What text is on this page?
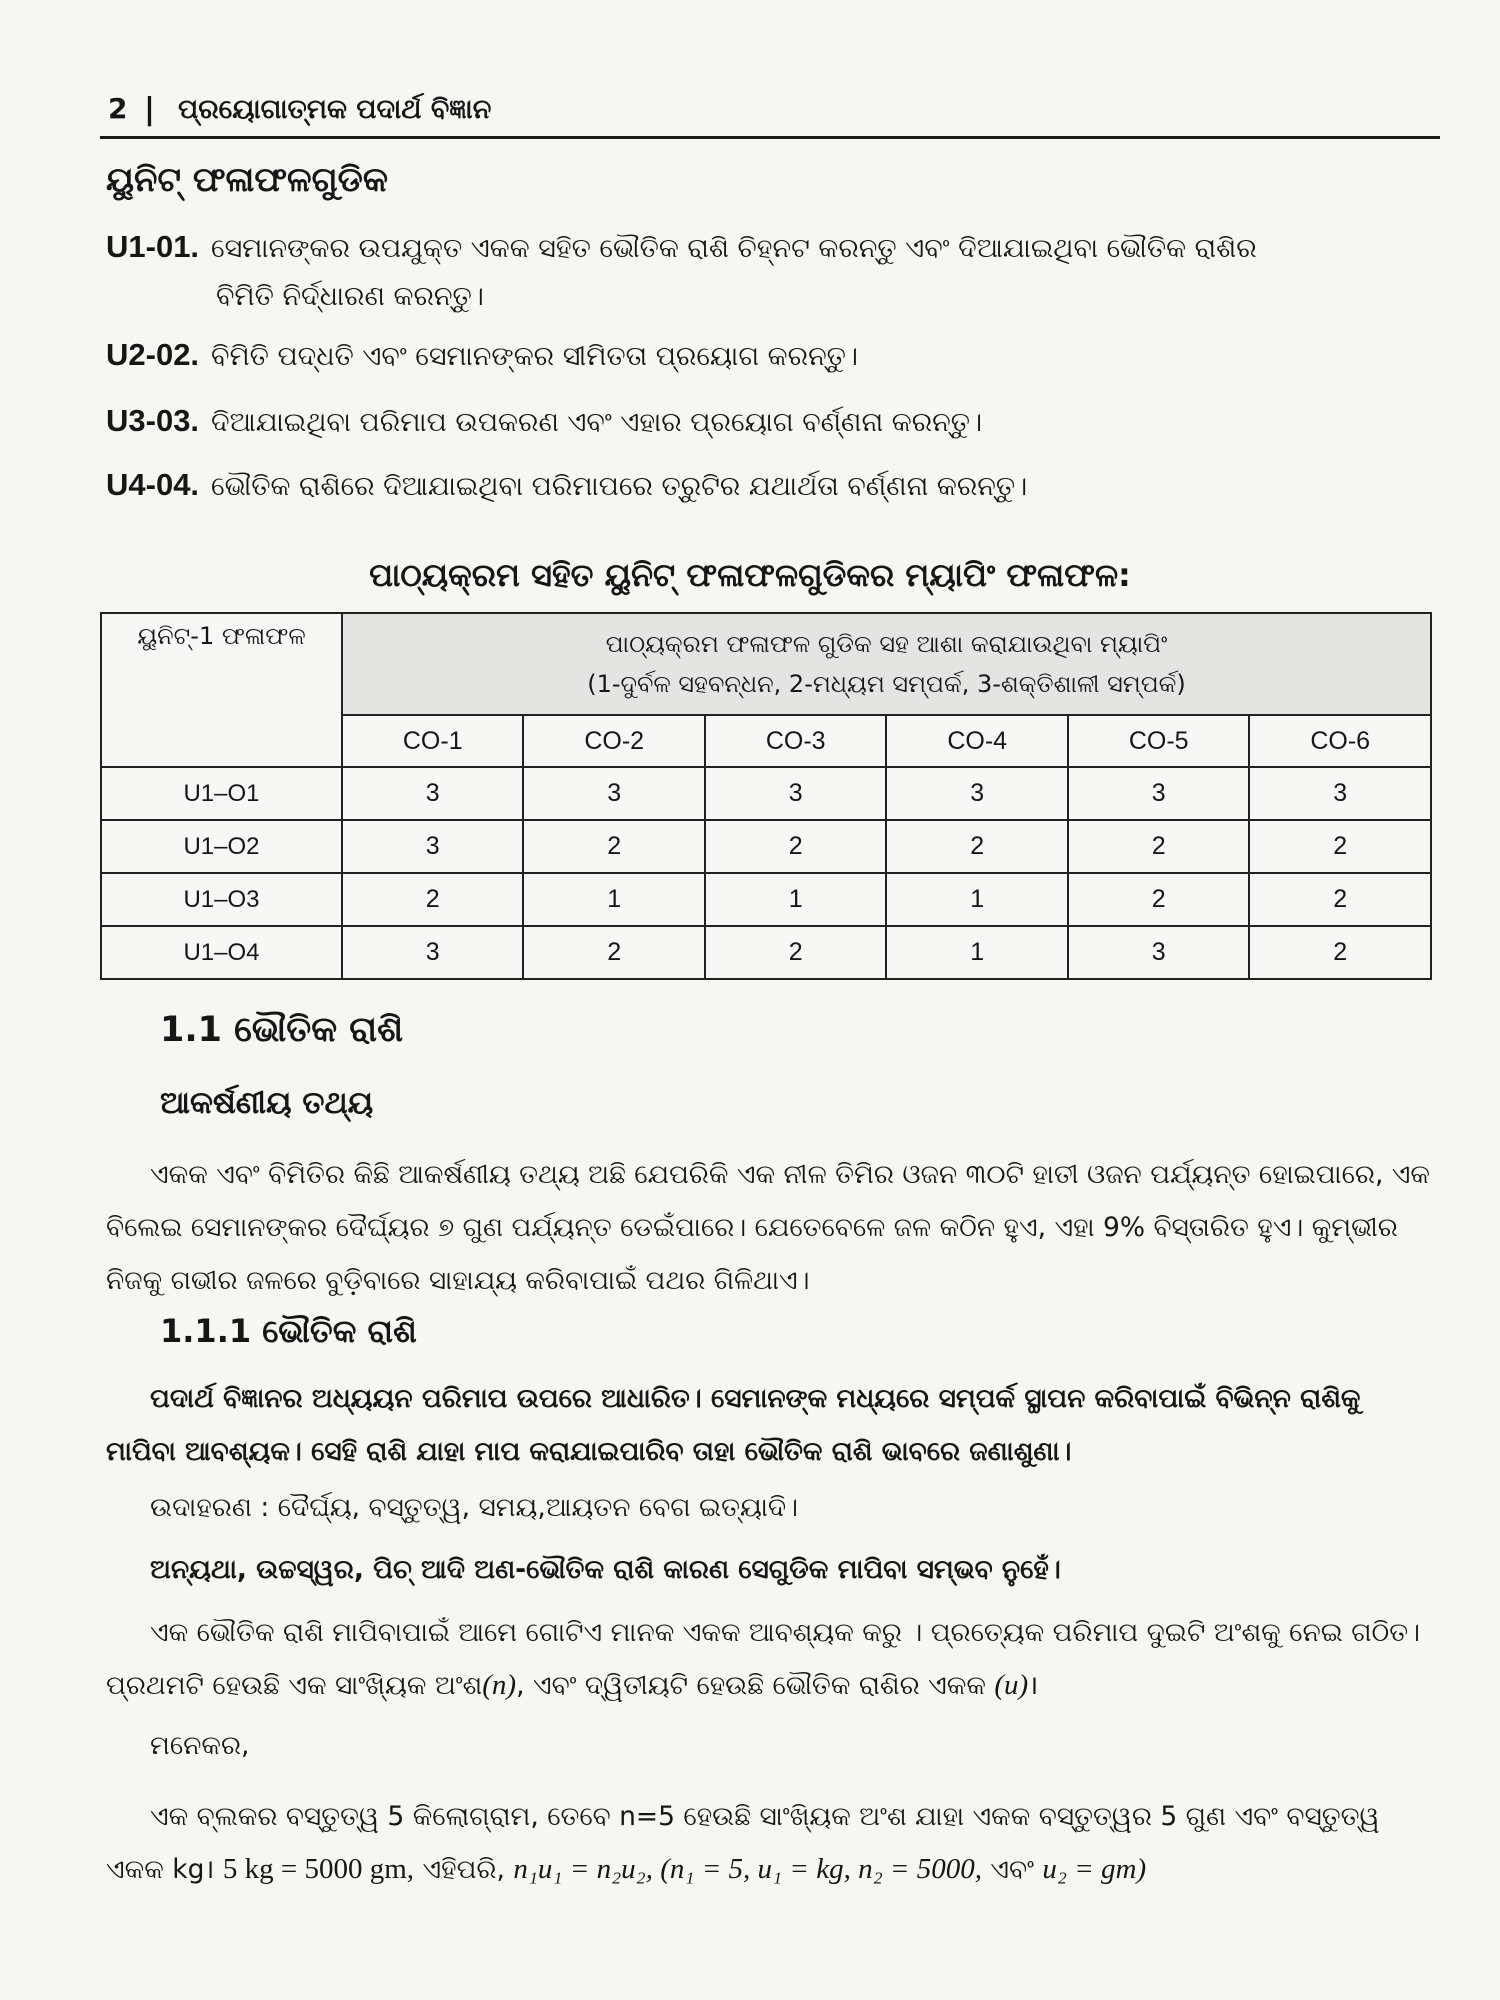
2 | ପ୍ରୟୋଗାତ୍ମକ ପଦାର୍ଥ ବିଜ୍ଞାନ
ୟୁନିଟ୍ ଫଳାଫଳଗୁଡିକ
U1-01. ସେମାନଙ୍କର ଉପଯୁକ୍ତ ଏକକ ସହିତ ଭୌତିକ ରାଶି ଚିହ୍ନଟ କରନ୍ତୁ ଏବଂ ଦିଆଯାଇଥିବା ଭୌତିକ ରାଶିର
ବିମିତି ନିର୍ଦ୍ଧାରଣ କରନ୍ତୁ।
U2-02. ବିମିତି ପଦ୍ଧତି ଏବଂ ସେମାନଙ୍କର ସୀମିତତା ପ୍ରୟୋଗ କରନ୍ତୁ।
U3-03. ଦିଆଯାଇଥିବା ପରିମାପ ଉପକରଣ ଏବଂ ଏହାର ପ୍ରୟୋଗ ବର୍ଣ୍ଣନା କରନ୍ତୁ।
U4-04. ଭୌତିକ ରାଶିରେ ଦିଆଯାଇଥିବା ପରିମାପରେ ତ୍ରୁଟିର ଯଥାର୍ଥତା ବର୍ଣ୍ଣନା କରନ୍ତୁ।
ପାଠ୍ୟକ୍ରମ ସହିତ ୟୁନିଟ୍ ଫଳାଫଳଗୁଡିକର ମ୍ୟାପିଂ ଫଳାଫଳ:
ୟୁନିଟ୍-1 ଫଳାଫଳ	ପାଠ୍ୟକ୍ରମ ଫଳାଫଳ ଗୁଡିକ ସହ ଆଶା କରାଯାଉଥିବା ମ୍ୟାପିଂ
(1-ଦୁର୍ବଳ ସହବନ୍ଧନ, 2-ମଧ୍ୟମ ସମ୍ପର୍କ, 3-ଶକ୍ତିଶାଳୀ ସମ୍ପର୍କ)					

	CO-1	CO-2	CO-3	CO-4	CO-5	CO-6
U1–O1	3	3	3	3	3	3
U1–O2	3	2	2	2	2	2
U1–O3	2	1	1	1	2	2
U1–O4	3	2	2	1	3	2
1.1 ଭୌତିକ ରାଶି
ଆକର୍ଷଣୀୟ ତଥ୍ୟ
ଏକକ ଏବଂ ବିମିତିର କିଛି ଆକର୍ଷଣୀୟ ତଥ୍ୟ ଅଛି ଯେପରିକି ଏକ ନୀଳ ତିମିର ଓଜନ ୩୦ଟି ହାତୀ ଓଜନ ପର୍ଯ୍ୟନ୍ତ ହୋଇପାରେ, ଏକ ବିଲେଇ ସେମାନଙ୍କର ଦୈର୍ଘ୍ୟର ୭ ଗୁଣ ପର୍ଯ୍ୟନ୍ତ ଡେଇଁପାରେ। ଯେତେବେଳେ ଜଳ କଠିନ ହୁଏ, ଏହା 9% ବିସ୍ତାରିତ ହୁଏ। କୁମ୍ଭୀର ନିଜକୁ ଗଭୀର ଜଳରେ ବୁଡ଼ିବାରେ ସାହାଯ୍ୟ କରିବାପାଇଁ ପଥର ଗିଳିଥାଏ।
1.1.1 ଭୌତିକ ରାଶି
ପଦାର୍ଥ ବିଜ୍ଞାନର ଅଧ୍ୟୟନ ପରିମାପ ଉପରେ ଆଧାରିତ। ସେମାନଙ୍କ ମଧ୍ୟରେ ସମ୍ପର୍କ ସ୍ଥାପନ କରିବାପାଇଁ ବିଭିନ୍ନ ରାଶିକୁ ମାପିବା ଆବଶ୍ୟକ। ସେହି ରାଶି ଯାହା ମାପ କରାଯାଇପାରିବ ତାହା ଭୌତିକ ରାଶି ଭାବରେ ଜଣାଶୁଣା।
ଉଦାହରଣ : ଦୈର୍ଘ୍ୟ, ବସ୍ତୁତ୍ୱ, ସମୟ,ଆୟତନ ବେଗ ଇତ୍ୟାଦି।
ଅନ୍ୟଥା, ଉଚ୍ଚସ୍ୱର, ପିଚ୍ ଆଦି ଅଣ-ଭୌତିକ ରାଶି କାରଣ ସେଗୁଡିକ ମାପିବା ସମ୍ଭବ ନୁହେଁ।
ଏକ ଭୌତିକ ରାଶି ମାପିବାପାଇଁ ଆମେ ଗୋଟିଏ ମାନକ ଏକକ ଆବଶ୍ୟକ କରୁ । ପ୍ରତ୍ୟେକ ପରିମାପ ଦୁଇଟି ଅଂଶକୁ ନେଇ ଗଠିତ। ପ୍ରଥମଟି ହେଉଛି ଏକ ସାଂଖ୍ୟିକ ଅଂଶ(n), ଏବଂ ଦ୍ୱିତୀୟଟି ହେଉଛି ଭୌତିକ ରାଶିର ଏକକ (u)।
ମନେକର,
ଏକ ବ୍ଲକର ବସ୍ତୁତ୍ୱ 5 କିଲୋଗ୍ରାମ, ତେବେ n=5 ହେଉଛି ସାଂଖ୍ୟିକ ଅଂଶ ଯାହା ଏକକ ବସ୍ତୁତ୍ୱର 5 ଗୁଣ ଏବଂ ବସ୍ତୁତ୍ୱ ଏକକ kg। 5 kg = 5000 gm, ଏହିପରି, n₁u₁ = n₂u₂, (n₁ = 5, u₁ = kg, n₂ = 5000, ଏବଂ u₂ = gm)
